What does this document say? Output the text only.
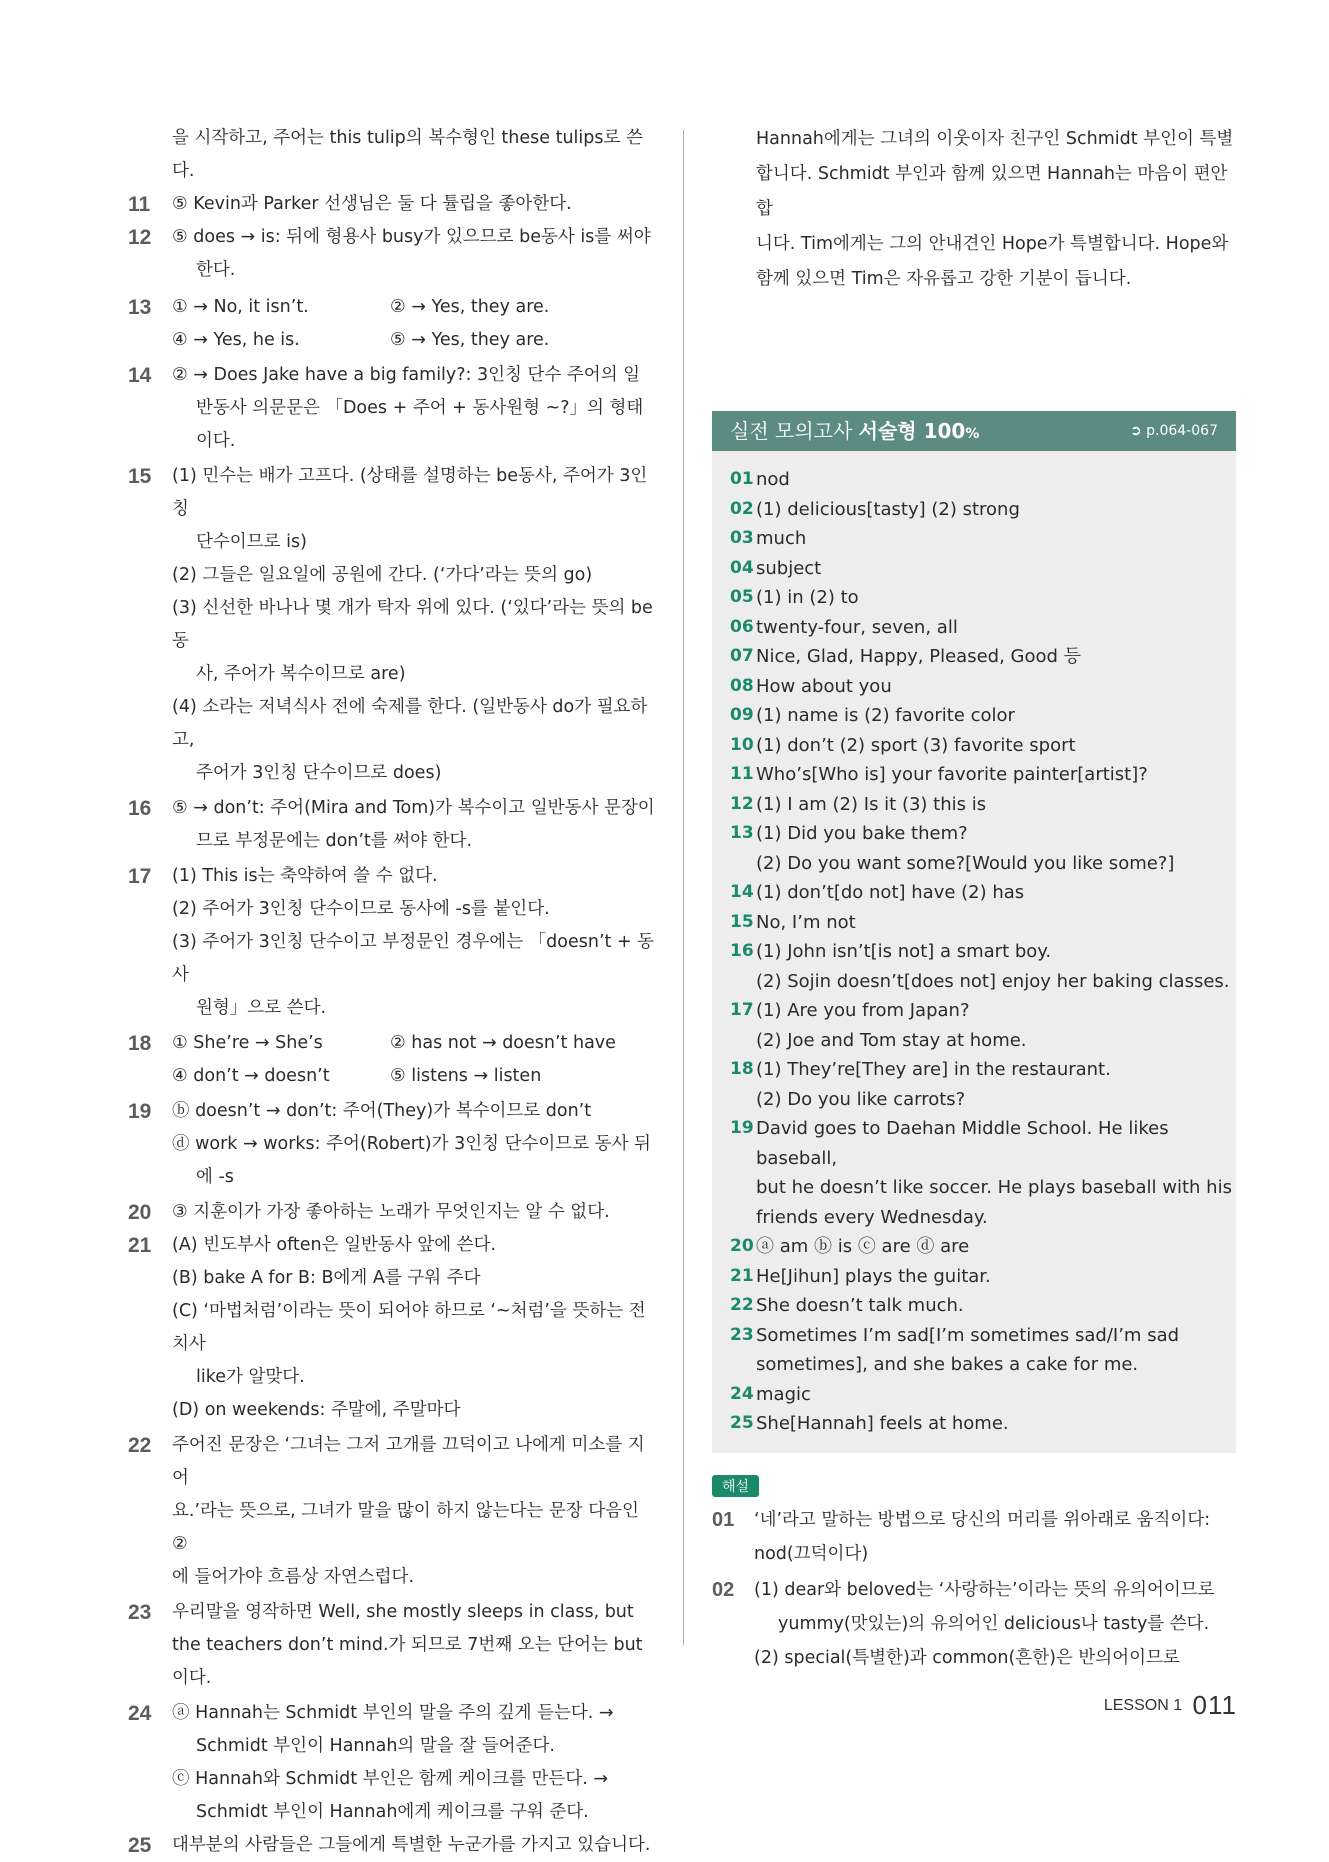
을 시작하고, 주어는 this tulip의 복수형인 these tulips로 쓴다.
11 ⑤ Kevin과 Parker 선생님은 둘 다 튤립을 좋아한다.
12 ⑤ does → is: 뒤에 형용사 busy가 있으므로 be동사 is를 써야
한다.
13 ① → No, it isn’t.	② → Yes, they are.
④ → Yes, he is.	⑤ → Yes, they are.
14 ② → Does Jake have a big family?: 3인칭 단수 주어의 일
반동사 의문문은 「Does + 주어 + 동사원형 ~?」의 형태이다.
15 (1) 민수는 배가 고프다. (상태를 설명하는 be동사, 주어가 3인칭
단수이므로 is)
(2) 그들은 일요일에 공원에 간다. (‘가다’라는 뜻의 go)
(3) 신선한 바나나 몇 개가 탁자 위에 있다. (‘있다’라는 뜻의 be동
사, 주어가 복수이므로 are)
(4) 소라는 저녁식사 전에 숙제를 한다. (일반동사 do가 필요하고,
주어가 3인칭 단수이므로 does)
16 ⑤ → don’t: 주어(Mira and Tom)가 복수이고 일반동사 문장이
므로 부정문에는 don’t를 써야 한다.
17 (1) This is는 축약하여 쓸 수 없다.
(2) 주어가 3인칭 단수이므로 동사에 -s를 붙인다.
(3) 주어가 3인칭 단수이고 부정문인 경우에는 「doesn’t + 동사
원형」으로 쓴다.
18 ① She’re → She’s	② has not → doesn’t have
④ don’t → doesn’t	⑤ listens → listen
19 ⓑ doesn’t → don’t: 주어(They)가 복수이므로 don’t
ⓓ work → works: 주어(Robert)가 3인칭 단수이므로 동사 뒤
에 -s
20 ③ 지훈이가 가장 좋아하는 노래가 무엇인지는 알 수 없다.
21 (A) 빈도부사 often은 일반동사 앞에 쓴다.
(B) bake A for B: B에게 A를 구워 주다
(C) ‘마법처럼’이라는 뜻이 되어야 하므로 ‘~처럼’을 뜻하는 전치사
like가 알맞다.
(D) on weekends: 주말에, 주말마다
22 주어진 문장은 ‘그녀는 그저 고개를 끄덕이고 나에게 미소를 지어
요.’라는 뜻으로, 그녀가 말을 많이 하지 않는다는 문장 다음인 ②
에 들어가야 흐름상 자연스럽다.
23 우리말을 영작하면 Well, she mostly sleeps in class, but
the teachers don’t mind.가 되므로 7번째 오는 단어는 but
이다.
24 ⓐ Hannah는 Schmidt 부인의 말을 주의 깊게 듣는다. →
Schmidt 부인이 Hannah의 말을 잘 들어준다.
ⓒ Hannah와 Schmidt 부인은 함께 케이크를 만든다. →
Schmidt 부인이 Hannah에게 케이크를 구워 준다.
25 대부분의 사람들은 그들에게 특별한 누군가를 가지고 있습니다.
Hannah에게는 그녀의 이웃이자 친구인 Schmidt 부인이 특별
합니다. Schmidt 부인과 함께 있으면 Hannah는 마음이 편안합
니다. Tim에게는 그의 안내견인 Hope가 특별합니다. Hope와
함께 있으면 Tim은 자유롭고 강한 기분이 듭니다.
실전 모의고사 서술형 100%	➲ p.064-067
01 nod
02 (1) delicious[tasty] (2) strong
03 much
04 subject
05 (1) in (2) to
06 twenty-four, seven, all
07 Nice, Glad, Happy, Pleased, Good 등
08 How about you
09 (1) name is (2) favorite color
10 (1) don’t (2) sport (3) favorite sport
11 Who’s[Who is] your favorite painter[artist]?
12 (1) I am (2) Is it (3) this is
13 (1) Did you bake them?
(2) Do you want some?[Would you like some?]
14 (1) don’t[do not] have (2) has
15 No, I’m not
16 (1) John isn’t[is not] a smart boy.
(2) Sojin doesn’t[does not] enjoy her baking classes.
17 (1) Are you from Japan?
(2) Joe and Tom stay at home.
18 (1) They’re[They are] in the restaurant.
(2) Do you like carrots?
19 David goes to Daehan Middle School. He likes baseball,
but he doesn’t like soccer. He plays baseball with his
friends every Wednesday.
20 ⓐ am ⓑ is ⓒ are ⓓ are
21 He[Jihun] plays the guitar.
22 She doesn’t talk much.
23 Sometimes I’m sad[I’m sometimes sad/I’m sad
sometimes], and she bakes a cake for me.
24 magic
25 She[Hannah] feels at home.
해설
01 ‘네’라고 말하는 방법으로 당신의 머리를 위아래로 움직이다:
nod(끄덕이다)
02 (1) dear와 beloved는 ‘사랑하는’이라는 뜻의 유의어이므로
yummy(맛있는)의 유의어인 delicious나 tasty를 쓴다.
(2) special(특별한)과 common(흔한)은 반의어이므로
LESSON 1 011
